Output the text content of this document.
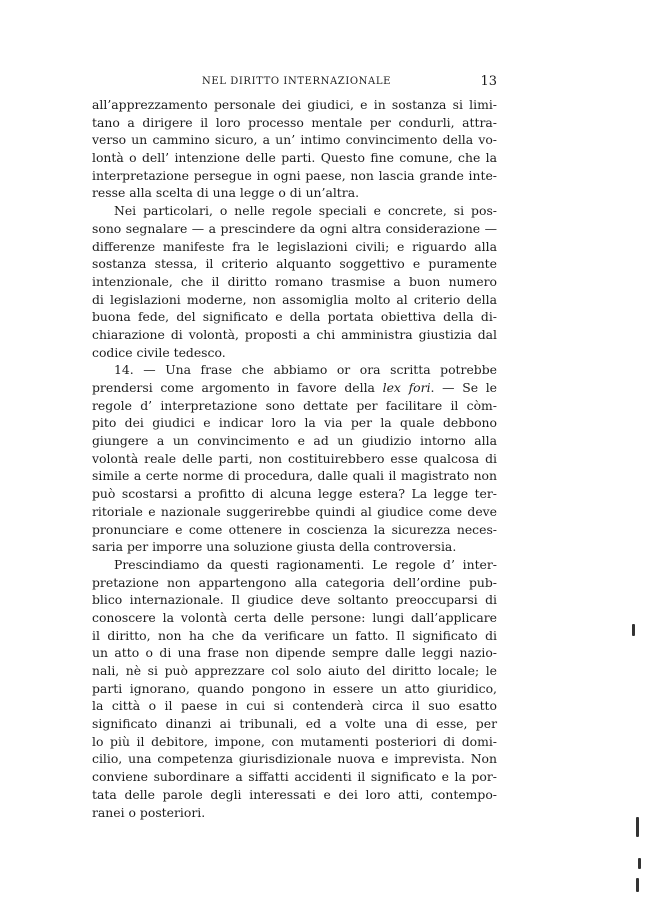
NEL DIRITTO INTERNAZIONALE	13
all’apprezzamento personale dei giudici, e in sostanza si limi-
tano a dirigere il loro processo mentale per condurli, attra-
verso un cammino sicuro, a un’ intimo convincimento della vo-
lontà o dell’ intenzione delle parti. Questo fine comune, che la
interpretazione persegue in ogni paese, non lascia grande inte-
resse alla scelta di una legge o di un’altra.
Nei particolari, o nelle regole speciali e concrete, si pos-
sono segnalare — a prescindere da ogni altra considerazione —
differenze manifeste fra le legislazioni civili; e riguardo alla
sostanza stessa, il criterio alquanto soggettivo e puramente
intenzionale, che il diritto romano trasmise a buon numero
di legislazioni moderne, non assomiglia molto al criterio della
buona fede, del significato e della portata obiettiva della di-
chiarazione di volontà, proposti a chi amministra giustizia dal
codice civile tedesco.
14. — Una frase che abbiamo or ora scritta potrebbe
prendersi come argomento in favore della lex fori. — Se le
regole d’ interpretazione sono dettate per facilitare il còm-
pito dei giudici e indicar loro la via per la quale debbono
giungere a un convincimento e ad un giudizio intorno alla
volontà reale delle parti, non costituirebbero esse qualcosa di
simile a certe norme di procedura, dalle quali il magistrato non
può scostarsi a profitto di alcuna legge estera? La legge ter-
ritoriale e nazionale suggerirebbe quindi al giudice come deve
pronunciare e come ottenere in coscienza la sicurezza neces-
saria per imporre una soluzione giusta della controversia.
Prescindiamo da questi ragionamenti. Le regole d’ inter-
pretazione non appartengono alla categoria dell’ordine pub-
blico internazionale. Il giudice deve soltanto preoccuparsi di
conoscere la volontà certa delle persone: lungi dall’applicare
il diritto, non ha che da verificare un fatto. Il significato di
un atto o di una frase non dipende sempre dalle leggi nazio-
nali, nè si può apprezzare col solo aiuto del diritto locale; le
parti ignorano, quando pongono in essere un atto giuridico,
la città o il paese in cui si contenderà circa il suo esatto
significato dinanzi ai tribunali, ed a volte una di esse, per
lo più il debitore, impone, con mutamenti posteriori di domi-
cilio, una competenza giurisdizionale nuova e imprevista. Non
conviene subordinare a siffatti accidenti il significato e la por-
tata delle parole degli interessati e dei loro atti, contempo-
ranei o posteriori.
